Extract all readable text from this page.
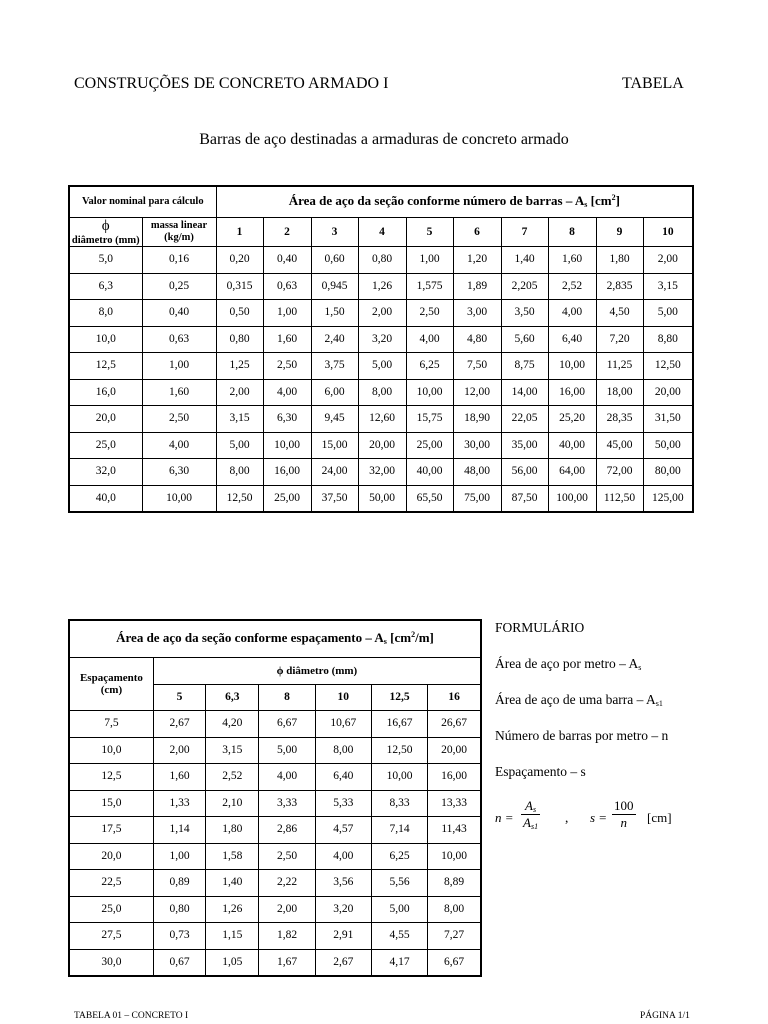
CONSTRUÇÕES DE CONCRETO ARMADO I	TABELA
Barras de aço destinadas a armaduras de concreto armado
Valor nominal para cálculo		Área de aço da seção conforme número de barras – $A_s$ $[cm^2]$									

ϕ
diâmetro (mm)	massa linear (kg/m)										
		1	2	3	4	5	6	7	8	9	10
5,0	0,16	0,20	0,40	0,60	0,80	1,00	1,20	1,40	1,60	1,80	2,00
6,3	0,25	0,315	0,63	0,945	1,26	1,575	1,89	2,205	2,52	2,835	3,15
8,0	0,40	0,50	1,00	1,50	2,00	2,50	3,00	3,50	4,00	4,50	5,00
10,0	0,63	0,80	1,60	2,40	3,20	4,00	4,80	5,60	6,40	7,20	8,80
12,5	1,00	1,25	2,50	3,75	5,00	6,25	7,50	8,75	10,00	11,25	12,50
16,0	1,60	2,00	4,00	6,00	8,00	10,00	12,00	14,00	16,00	18,00	20,00
20,0	2,50	3,15	6,30	9,45	12,60	15,75	18,90	22,05	25,20	28,35	31,50
25,0	4,00	5,00	10,00	15,00	20,00	25,00	30,00	35,00	40,00	45,00	50,00
32,0	6,30	8,00	16,00	24,00	32,00	40,00	48,00	56,00	64,00	72,00	80,00
40,0	10,00	12,50	25,00	37,50	50,00	65,50	75,00	87,50	100,00	112,50	125,00
Área de aço da seção conforme espaçamento – $A_s$ $[cm^2/m]$						
Espaçamento (cm)	ϕ diâmetro (mm)					
	5	6,3	8	10	12,5	16
7,5	2,67	4,20	6,67	10,67	16,67	26,67
10,0	2,00	3,15	5,00	8,00	12,50	20,00
12,5	1,60	2,52	4,00	6,40	10,00	16,00
15,0	1,33	2,10	3,33	5,33	8,33	13,33
17,5	1,14	1,80	2,86	4,57	7,14	11,43
20,0	1,00	1,58	2,50	4,00	6,25	10,00
22,5	0,89	1,40	2,22	3,56	5,56	8,89
25,0	0,80	1,26	2,00	3,20	5,00	8,00
27,5	0,73	1,15	1,82	2,91	4,55	7,27
30,0	0,67	1,05	1,67	2,67	4,17	6,67
FORMULÁRIO
Área de aço por metro – $A_s$
Área de aço de uma barra – $A_{s1}$
Número de barras por metro – n
Espaçamento – s
$n = \frac{A_s}{A_{s1}}$ , $s = \frac{100}{n} [cm]$
TABELA 01 – CONCRETO I	PÁGINA 1/1
